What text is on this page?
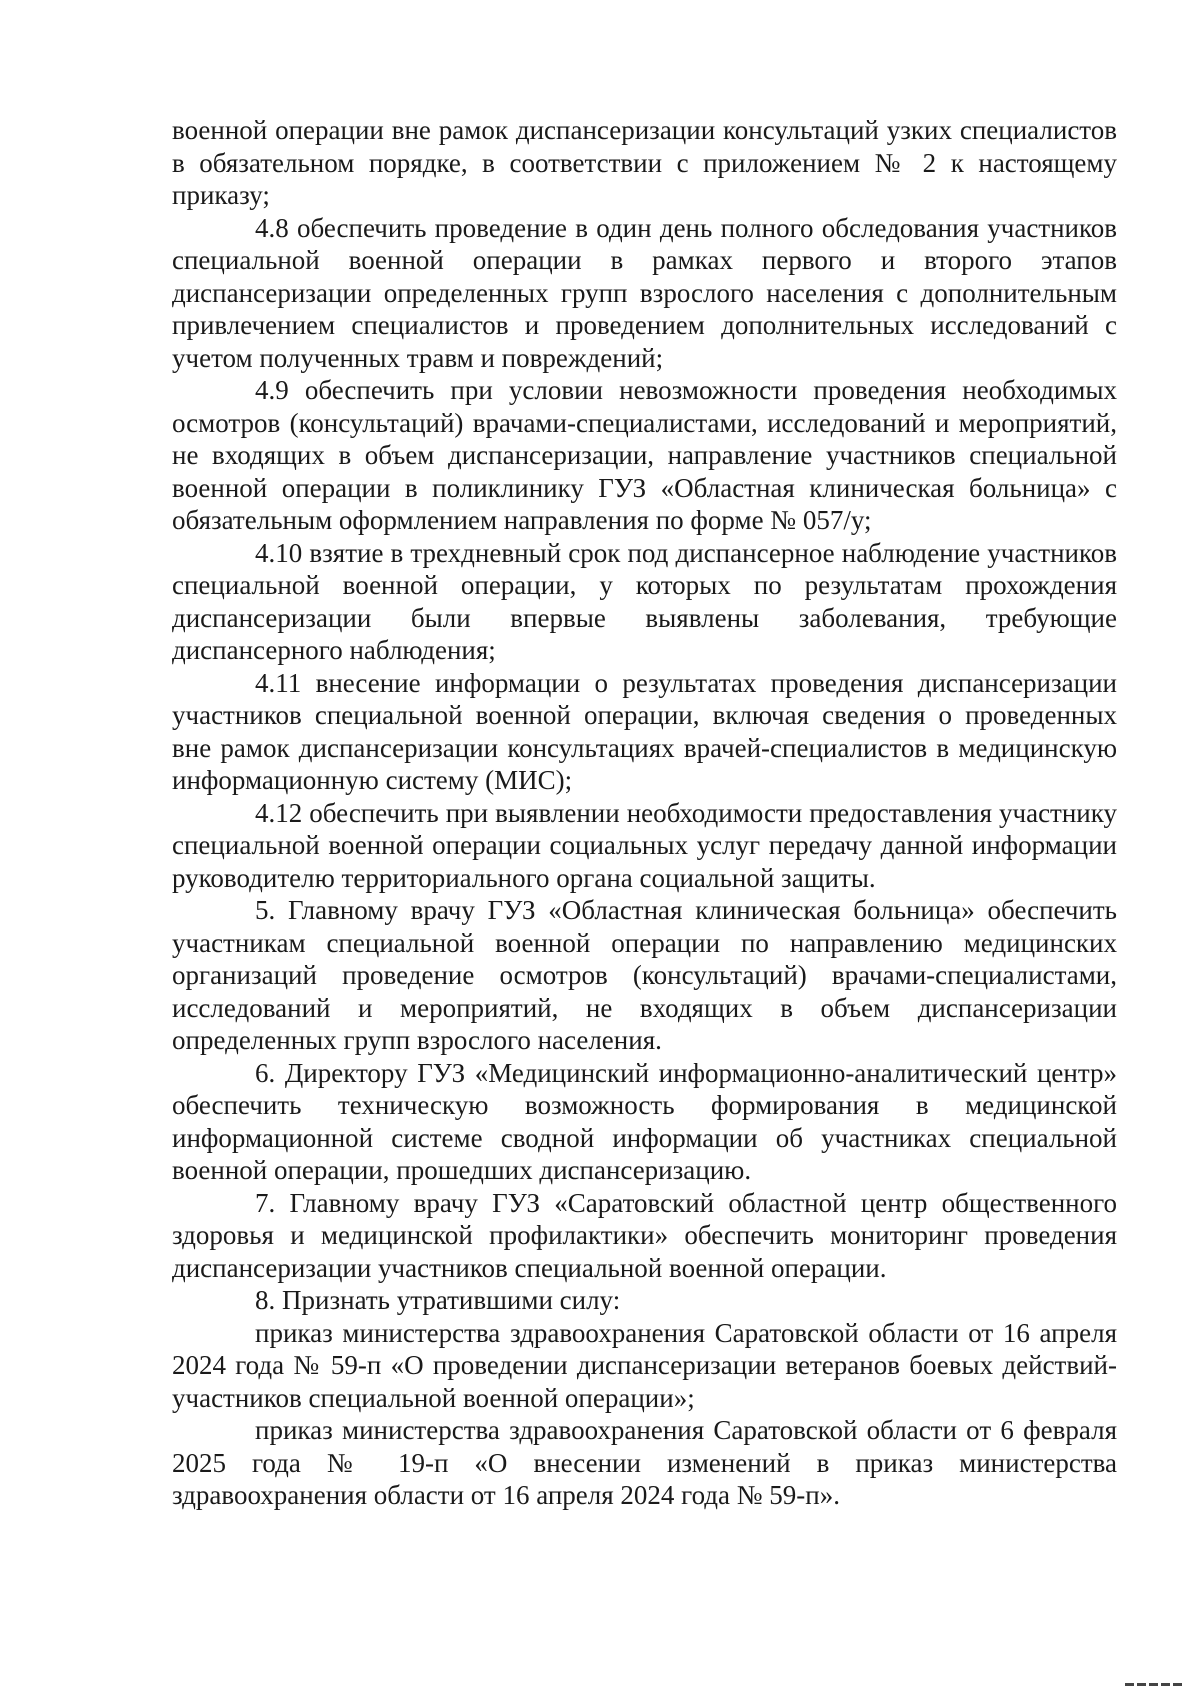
военной операции вне рамок диспансеризации консультаций узких специалистов в обязательном порядке, в соответствии с приложением № 2 к настоящему приказу;

4.8 обеспечить проведение в один день полного обследования участников специальной военной операции в рамках первого и второго этапов диспансеризации определенных групп взрослого населения с дополнительным привлечением специалистов и проведением дополнительных исследований с учетом полученных травм и повреждений;

4.9 обеспечить при условии невозможности проведения необходимых осмотров (консультаций) врачами-специалистами, исследований и мероприятий, не входящих в объем диспансеризации, направление участников специальной военной операции в поликлинику ГУЗ «Областная клиническая больница» с обязательным оформлением направления по форме № 057/у;

4.10 взятие в трехдневный срок под диспансерное наблюдение участников специальной военной операции, у которых по результатам прохождения диспансеризации были впервые выявлены заболевания, требующие диспансерного наблюдения;

4.11 внесение информации о результатах проведения диспансеризации участников специальной военной операции, включая сведения о проведенных вне рамок диспансеризации консультациях врачей-специалистов в медицинскую информационную систему (МИС);

4.12 обеспечить при выявлении необходимости предоставления участнику специальной военной операции социальных услуг передачу данной информации руководителю территориального органа социальной защиты.

5. Главному врачу ГУЗ «Областная клиническая больница» обеспечить участникам специальной военной операции по направлению медицинских организаций проведение осмотров (консультаций) врачами-специалистами, исследований и мероприятий, не входящих в объем диспансеризации определенных групп взрослого населения.

6. Директору ГУЗ «Медицинский информационно-аналитический центр» обеспечить техническую возможность формирования в медицинской информационной системе сводной информации об участниках специальной военной операции, прошедших диспансеризацию.

7. Главному врачу ГУЗ «Саратовский областной центр общественного здоровья и медицинской профилактики» обеспечить мониторинг проведения диспансеризации участников специальной военной операции.

8. Признать утратившими силу:

приказ министерства здравоохранения Саратовской области от 16 апреля 2024 года № 59-п «О проведении диспансеризации ветеранов боевых действий-участников специальной военной операции»;

приказ министерства здравоохранения Саратовской области от 6 февраля 2025 года № 19-п «О внесении изменений в приказ министерства здравоохранения области от 16 апреля 2024 года № 59-п».
